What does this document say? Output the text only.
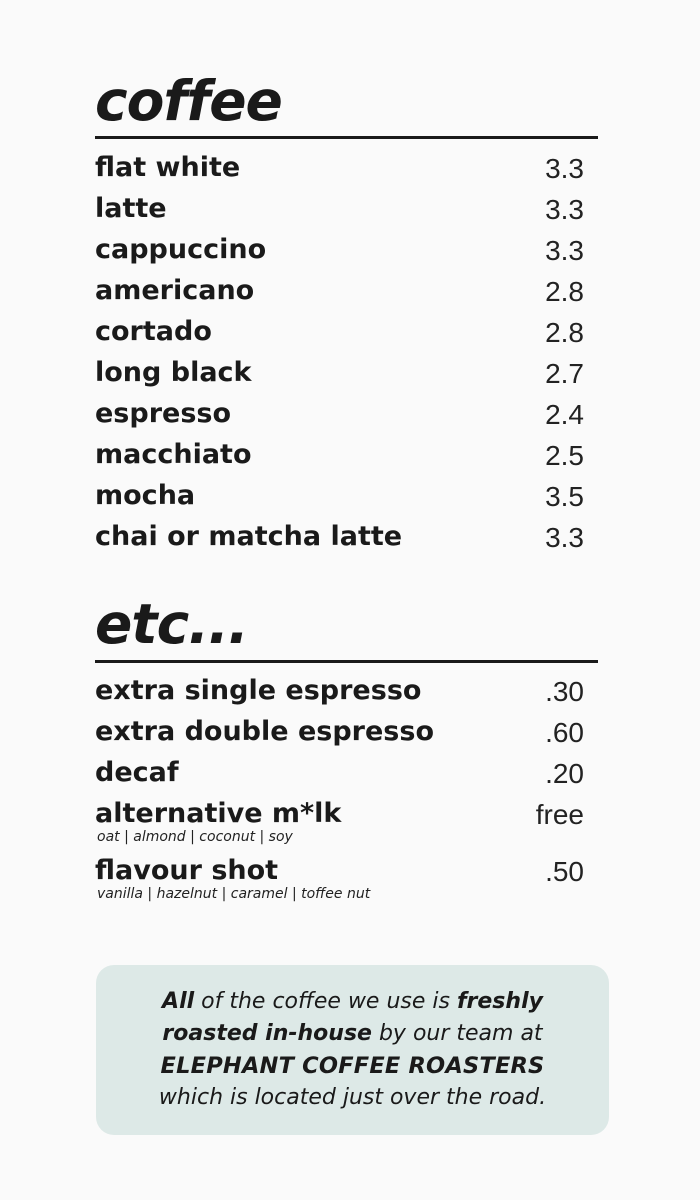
coffee
flat white	3.3
latte	3.3
cappuccino	3.3
americano	2.8
cortado	2.8
long black	2.7
espresso	2.4
macchiato	2.5
mocha	3.5
chai or matcha latte	3.3
etc...
extra single espresso	.30
extra double espresso	.60
decaf	.20
alternative m*lk	free
oat | almond | coconut | soy
flavour shot	.50
vanilla | hazelnut | caramel | toffee nut
All of the coffee we use is freshly
roasted in-house by our team at
ELEPHANT COFFEE ROASTERS
which is located just over the road.
